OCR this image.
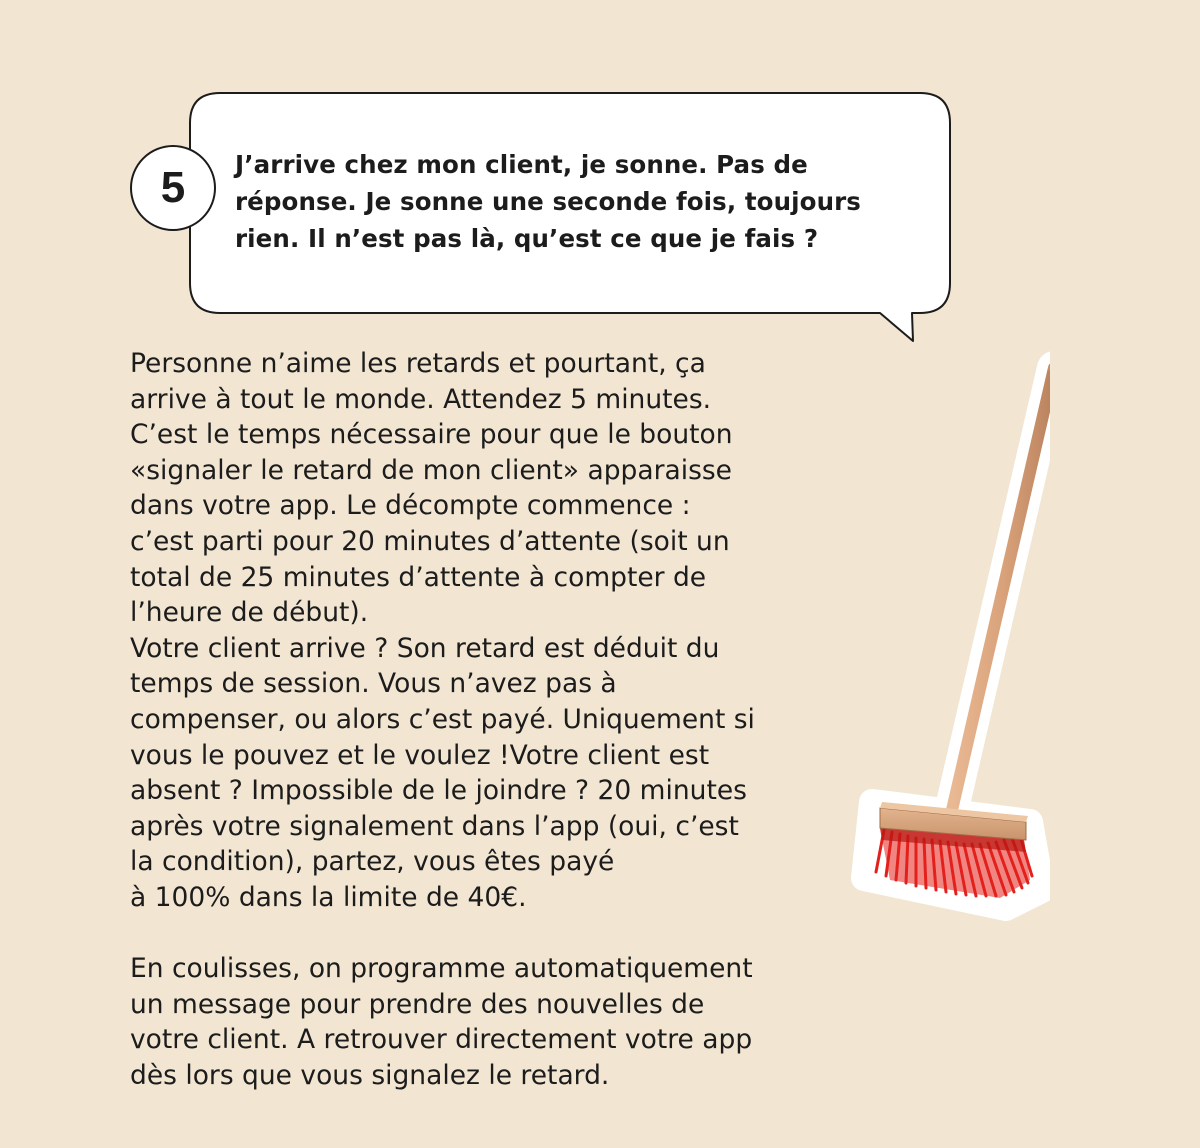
5 J’arrive chez mon client, je sonne. Pas de réponse. Je sonne une seconde fois, toujours rien. Il n’est pas là, qu’est ce que je fais ?

Personne n’aime les retards et pourtant, ça
arrive à tout le monde. Attendez 5 minutes.
C’est le temps nécessaire pour que le bouton
«signaler le retard de mon client» apparaisse
dans votre app. Le décompte commence :
c’est parti pour 20 minutes d’attente (soit un
total de 25 minutes d’attente à compter de
l’heure de début).
Votre client arrive ? Son retard est déduit du
temps de session. Vous n’avez pas à
compenser, ou alors c’est payé. Uniquement si
vous le pouvez et le voulez !Votre client est
absent ? Impossible de le joindre ? 20 minutes
après votre signalement dans l’app (oui, c’est
la condition), partez, vous êtes payé
à 100% dans la limite de 40€.

En coulisses, on programme automatiquement
un message pour prendre des nouvelles de
votre client. A retrouver directement votre app
dès lors que vous signalez le retard.
